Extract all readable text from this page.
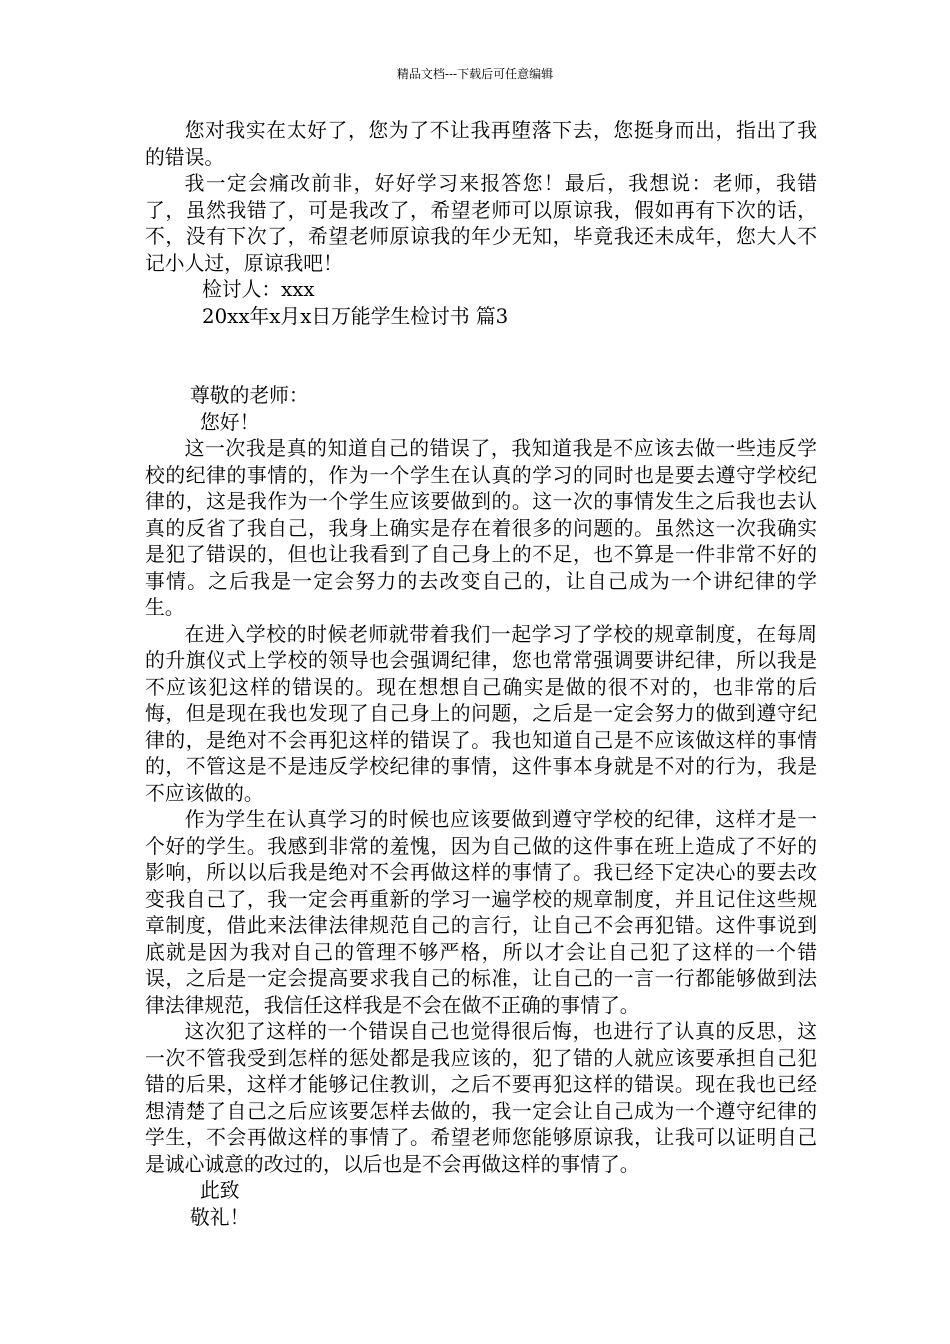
精品文档---下载后可任意编辑

您对我实在太好了，您为了不让我再堕落下去，您挺身而出，指出了我的错误。

我一定会痛改前非，好好学习来报答您！最后，我想说：老师，我错了，虽然我错了，可是我改了，希望老师可以原谅我，假如再有下次的话，不，没有下次了，希望老师原谅我的年少无知，毕竟我还未成年，您大人不记小人过，原谅我吧！

检讨人：xxx

20xx年x月x日万能学生检讨书 篇3

尊敬的老师：

您好！

这一次我是真的知道自己的错误了，我知道我是不应该去做一些违反学校的纪律的事情的，作为一个学生在认真的学习的同时也是要去遵守学校纪律的，这是我作为一个学生应该要做到的。这一次的事情发生之后我也去认真的反省了我自己，我身上确实是存在着很多的问题的。虽然这一次我确实是犯了错误的，但也让我看到了自己身上的不足，也不算是一件非常不好的事情。之后我是一定会努力的去改变自己的，让自己成为一个讲纪律的学生。

在进入学校的时候老师就带着我们一起学习了学校的规章制度，在每周的升旗仪式上学校的领导也会强调纪律，您也常常强调要讲纪律，所以我是不应该犯这样的错误的。现在想想自己确实是做的很不对的，也非常的后悔，但是现在我也发现了自己身上的问题，之后是一定会努力的做到遵守纪律的，是绝对不会再犯这样的错误了。我也知道自己是不应该做这样的事情的，不管这是不是违反学校纪律的事情，这件事本身就是不对的行为，我是不应该做的。

作为学生在认真学习的时候也应该要做到遵守学校的纪律，这样才是一个好的学生。我感到非常的羞愧，因为自己做的这件事在班上造成了不好的影响，所以以后我是绝对不会再做这样的事情了。我已经下定决心的要去改变我自己了，我一定会再重新的学习一遍学校的规章制度，并且记住这些规章制度，借此来法律法律规范自己的言行，让自己不会再犯错。这件事说到底就是因为我对自己的管理不够严格，所以才会让自己犯了这样的一个错误，之后是一定会提高要求我自己的标准，让自己的一言一行都能够做到法律法律规范，我信任这样我是不会在做不正确的事情了。

这次犯了这样的一个错误自己也觉得很后悔，也进行了认真的反思，这一次不管我受到怎样的惩处都是我应该的，犯了错的人就应该要承担自己犯错的后果，这样才能够记住教训，之后不要再犯这样的错误。现在我也已经想清楚了自己之后应该要怎样去做的，我一定会让自己成为一个遵守纪律的学生，不会再做这样的事情了。希望老师您能够原谅我，让我可以证明自己是诚心诚意的改过的，以后也是不会再做这样的事情了。

此致

敬礼！
